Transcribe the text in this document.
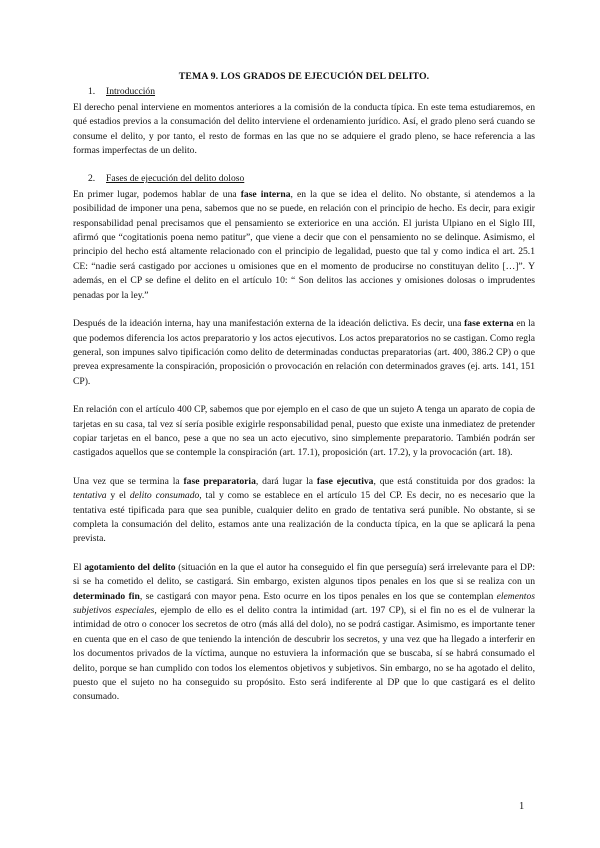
TEMA 9. LOS GRADOS DE EJECUCIÓN DEL DELITO.
1. Introducción

El derecho penal interviene en momentos anteriores a la comisión de la conducta típica. En este tema estudiaremos, en qué estadios previos a la consumación del delito interviene el ordenamiento jurídico. Así, el grado pleno será cuando se consume el delito, y por tanto, el resto de formas en las que no se adquiere el grado pleno, se hace referencia a las formas imperfectas de un delito.

2. Fases de ejecución del delito doloso

En primer lugar, podemos hablar de una fase interna, en la que se idea el delito. No obstante, si atendemos a la posibilidad de imponer una pena, sabemos que no se puede, en relación con el principio de hecho. Es decir, para exigir responsabilidad penal precisamos que el pensamiento se exteriorice en una acción. El jurista Ulpiano en el Siglo III, afirmó que “cogitationis poena nemo patitur”, que viene a decir que con el pensamiento no se delinque. Asimismo, el principio del hecho está altamente relacionado con el principio de legalidad, puesto que tal y como indica el art. 25.1 CE: “nadie será castigado por acciones u omisiones que en el momento de producirse no constituyan delito […]”. Y además, en el CP se define el delito en el artículo 10: “ Son delitos las acciones y omisiones dolosas o imprudentes penadas por la ley.”

Después de la ideación interna, hay una manifestación externa de la ideación delictiva. Es decir, una fase externa en la que podemos diferencia los actos preparatorio y los actos ejecutivos. Los actos preparatorios no se castigan. Como regla general, son impunes salvo tipificación como delito de determinadas conductas preparatorias (art. 400, 386.2 CP) o que prevea expresamente la conspiración, proposición o provocación en relación con determinados graves (ej. arts. 141, 151 CP).

En relación con el artículo 400 CP, sabemos que por ejemplo en el caso de que un sujeto A tenga un aparato de copia de tarjetas en su casa, tal vez sí sería posible exigirle responsabilidad penal, puesto que existe una inmediatez de pretender copiar tarjetas en el banco, pese a que no sea un acto ejecutivo, sino simplemente preparatorio. También podrán ser castigados aquellos que se contemple la conspiración (art. 17.1), proposición (art. 17.2), y la provocación (art. 18).

Una vez que se termina la fase preparatoria, dará lugar la fase ejecutiva, que está constituida por dos grados: la tentativa y el delito consumado, tal y como se establece en el artículo 15 del CP. Es decir, no es necesario que la tentativa esté tipificada para que sea punible, cualquier delito en grado de tentativa será punible. No obstante, si se completa la consumación del delito, estamos ante una realización de la conducta típica, en la que se aplicará la pena prevista.

El agotamiento del delito (situación en la que el autor ha conseguido el fin que perseguía) será irrelevante para el DP: si se ha cometido el delito, se castigará. Sin embargo, existen algunos tipos penales en los que si se realiza con un determinado fin, se castigará con mayor pena. Esto ocurre en los tipos penales en los que se contemplan elementos subjetivos especiales, ejemplo de ello es el delito contra la intimidad (art. 197 CP), si el fin no es el de vulnerar la intimidad de otro o conocer los secretos de otro (más allá del dolo), no se podrá castigar. Asimismo, es importante tener en cuenta que en el caso de que teniendo la intención de descubrir los secretos, y una vez que ha llegado a interferir en los documentos privados de la víctima, aunque no estuviera la información que se buscaba, sí se habrá consumado el delito, porque se han cumplido con todos los elementos objetivos y subjetivos. Sin embargo, no se ha agotado el delito, puesto que el sujeto no ha conseguido su propósito. Esto será indiferente al DP que lo que castigará es el delito consumado.

1
